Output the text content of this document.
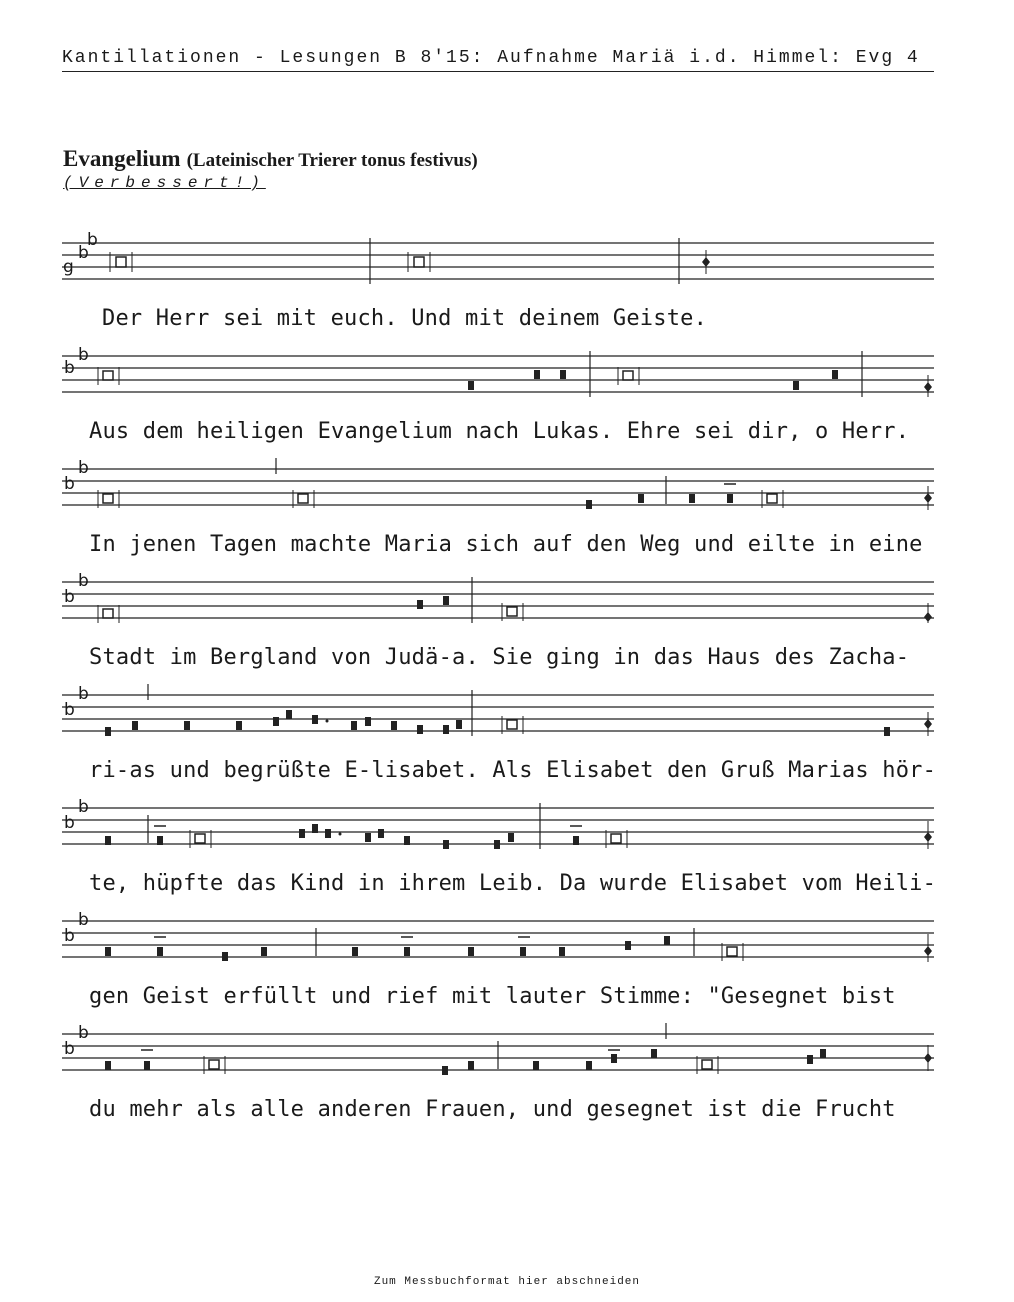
Kantillationen - Lesungen B 8'15: Aufnahme Mariä i.d. Himmel: Evg 4
Evangelium (Lateinischer Trierer tonus festivus)
(Verbessert!)
b
b
g
Der Herr sei mit euch. Und mit deinem Geiste.
b
b
Aus dem heiligen Evangelium nach Lukas. Ehre sei dir, o Herr.
b
b
In jenen Tagen machte Maria sich auf den Weg und eilte in eine
b
b
Stadt im Bergland von Judä-a. Sie ging in das Haus des Zacha-
b
b
ri-as und begrüßte E-lisabet. Als Elisabet den Gruß Marias hör-
b
b
te, hüpfte das Kind in ihrem Leib. Da wurde Elisabet vom Heili-
b
b
gen Geist erfüllt und rief mit lauter Stimme: "Gesegnet bist
b
b
du mehr als alle anderen Frauen, und gesegnet ist die Frucht
Zum Messbuchformat hier abschneiden
